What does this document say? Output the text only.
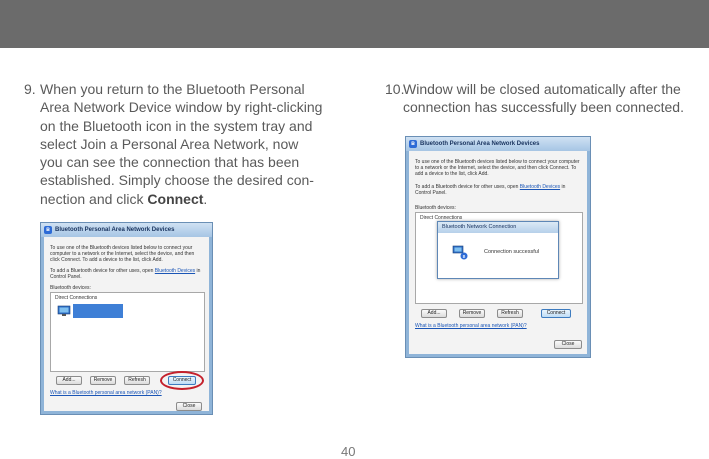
9. When you return to the Bluetooth Personal
Area Network Device window by right-clicking
on the Bluetooth icon in the system tray and
select Join a Personal Area Network, now
you can see the connection that has been
established. Simply choose the desired con-
nection and click Connect.
10.
Window will be closed automatically after the
connection has successfully been connected.
ʙ Bluetooth Personal Area Network Devices
To use one of the Bluetooth devices listed below to connect your computer to a network or the Internet, select the device, and then click Connect. To add a device to the list, click Add.
To add a Bluetooth device for other uses, open Bluetooth Devices in Control Panel.
Bluetooth devices:
Direct Connections
Add...	Remove	Refresh	Connect
What is a Bluetooth personal area network (PAN)?
Close
ʙ Bluetooth Personal Area Network Devices
To use one of the Bluetooth devices listed below to connect your computer to a network or the Internet, select the device, and then click Connect. To add a device to the list, click Add.
To add a Bluetooth device for other uses, open Bluetooth Devices in Control Panel.
Bluetooth devices:
Direct Connections
Bluetooth Network Connection
ʙ
Connection successful
Add...	Remove	Refresh	Connect
What is a Bluetooth personal area network (PAN)?
Close
40
